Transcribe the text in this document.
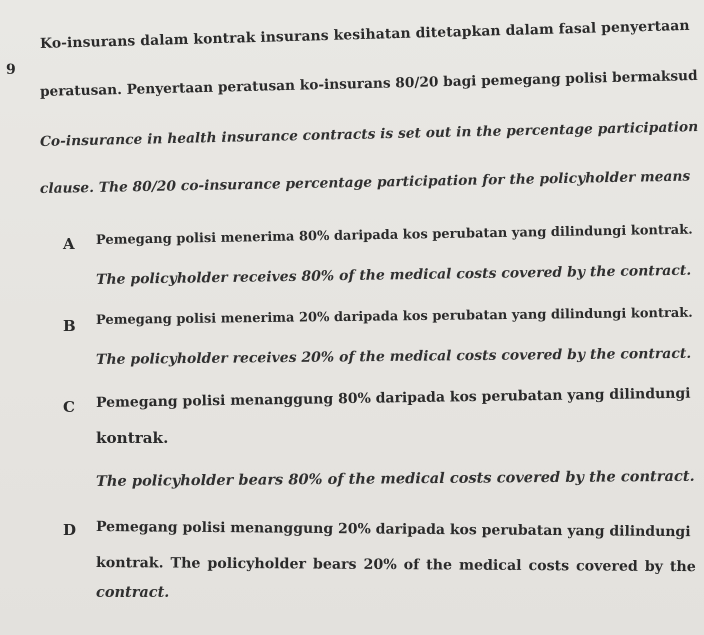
9
Ko-insurans dalam kontrak insurans kesihatan ditetapkan dalam fasal penyertaan
peratusan. Penyertaan peratusan ko-insurans 80/20 bagi pemegang polisi bermaksud
Co-insurance in health insurance contracts is set out in the percentage participation
clause. The 80/20 co-insurance percentage participation for the policyholder means
A Pemegang polisi menerima 80% daripada kos perubatan yang dilindungi kontrak.
The policyholder receives 80% of the medical costs covered by the contract.
B Pemegang polisi menerima 20% daripada kos perubatan yang dilindungi kontrak.
The policyholder receives 20% of the medical costs covered by the contract.
C Pemegang polisi menanggung 80% daripada kos perubatan yang dilindungi
kontrak.
The policyholder bears 80% of the medical costs covered by the contract.
D Pemegang polisi menanggung 20% daripada kos perubatan yang dilindungi
kontrak. The policyholder bears 20% of the medical costs covered by the
contract.
